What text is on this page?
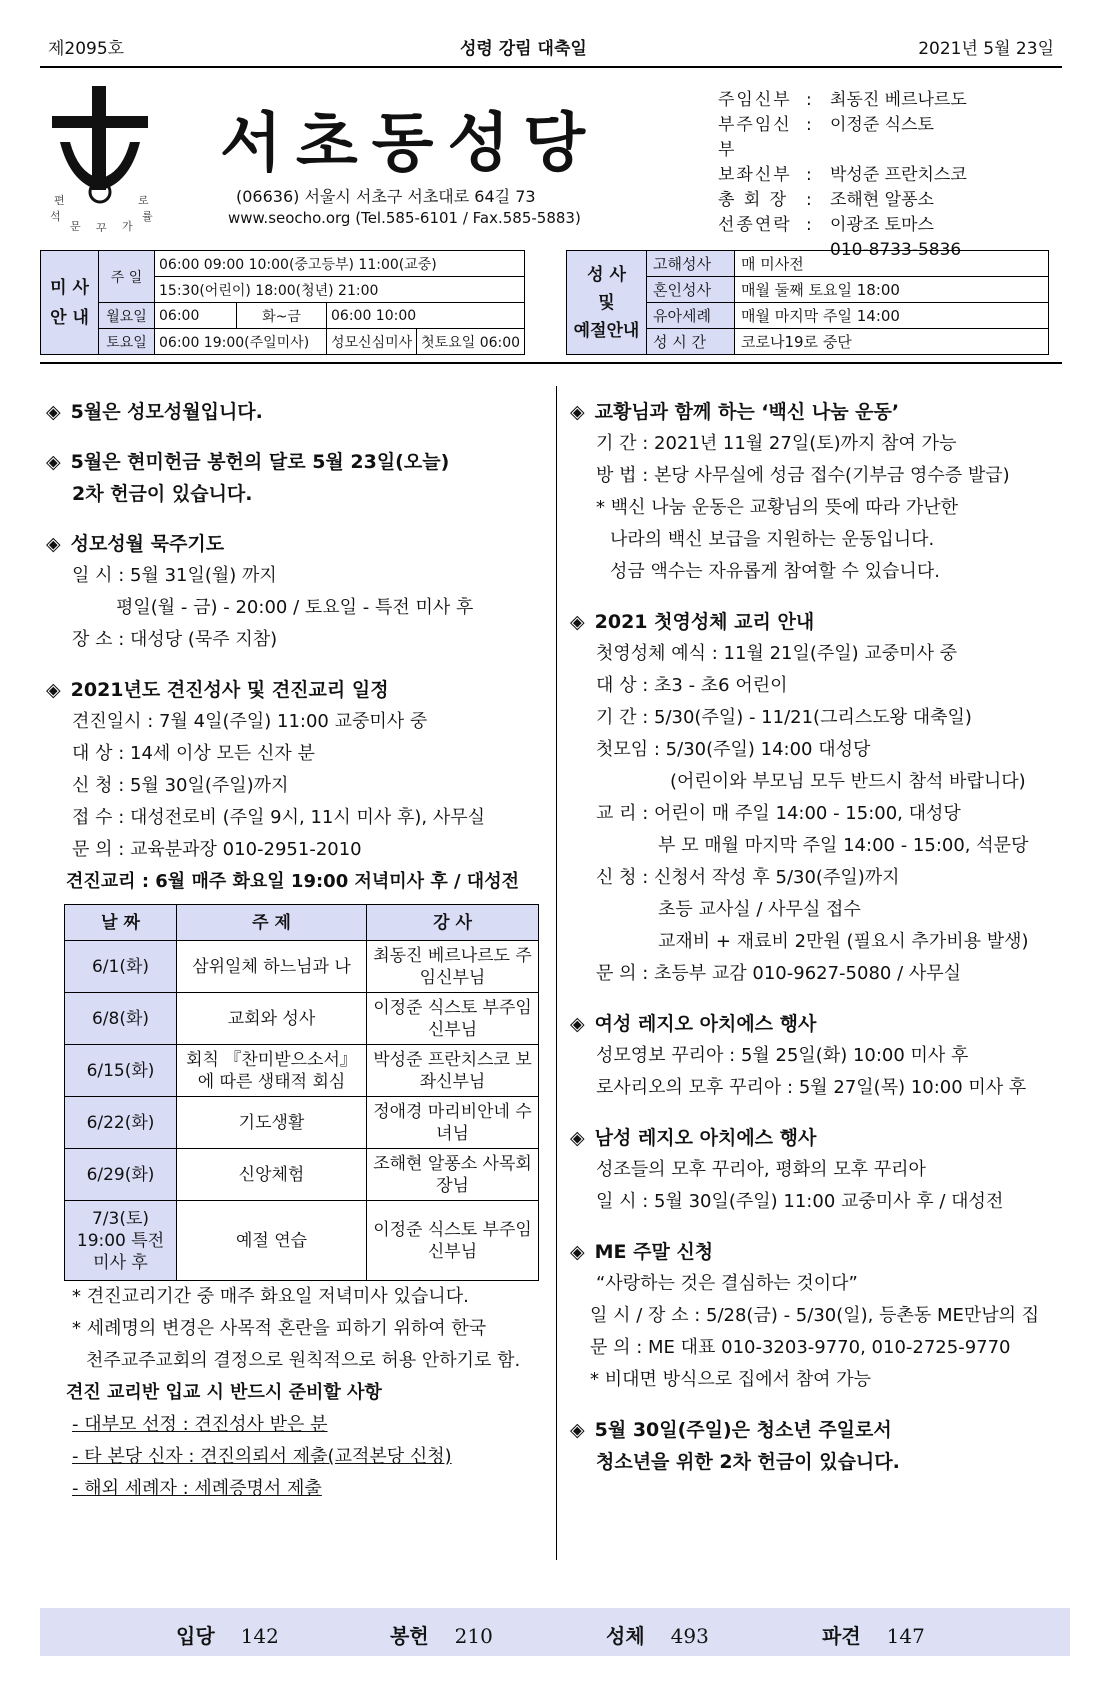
제2095호	성령 강림 대축일	2021년 5월 23일
편	로
석	률
문	가
꾸
서초동성당
(06636) 서울시 서초구 서초대로 64길 73
www.seocho.org (Tel.585-6101 / Fax.585-5883)
주임신부 :	최동진 베르나르도
부주임신부
:	이정준 식스토
보좌신부 :	박성준 프란치스코
총 회 장	:	조해현 알퐁소
선종연락 :	이광조 토마스
010-8733-5836
미 사
안 내	주 일	06:00 09:00 10:00(중고등부) 11:00(교중)			
		15:30(어린이) 18:00(청년) 21:00			
	월요일	06:00	화~금	06:00 10:00	
	토요일	06:00 19:00(주일미사)		성모신심미사	첫토요일 06:00
성 사
및
예절안내	고해성사	매 미사전
	혼인성사	매월 둘째 토요일 18:00
	유아세례	매월 마지막 주일 14:00
	성 시 간	코로나19로 중단
◈ 5월은 성모성월입니다.
◈ 5월은 현미헌금 봉헌의 달로 5월 23일(오늘)
2차 헌금이 있습니다.
◈ 성모성월 묵주기도
일 시 : 5월 31일(월) 까지
평일(월 - 금) - 20:00 / 토요일 - 특전 미사 후
장 소 : 대성당 (묵주 지참)
◈ 2021년도 견진성사 및 견진교리 일정
견진일시 : 7월 4일(주일) 11:00 교중미사 중
대 상 : 14세 이상 모든 신자 분
신 청 : 5월 30일(주일)까지
접 수 : 대성전로비 (주일 9시, 11시 미사 후), 사무실
문 의 : 교육분과장 010-2951-2010
견진교리 : 6월 매주 화요일 19:00 저녁미사 후 / 대성전
날 짜	주 제	강 사
6/1(화)	삼위일체 하느님과 나	최동진 베르나르도 주임신부님
6/8(화)	교회와 성사	이정준 식스토 부주임신부님
6/15(화)	회칙 『찬미받으소서』에 따른 생태적 회심	박성준 프란치스코 보좌신부님
6/22(화)	기도생활	정애경 마리비안네 수녀님
6/29(화)	신앙체험	조해현 알퐁소 사목회장님
7/3(토) 19:00 특전미사 후	예절 연습	이정준 식스토 부주임신부님
* 견진교리기간 중 매주 화요일 저녁미사 있습니다.
* 세례명의 변경은 사목적 혼란을 피하기 위하여 한국
천주교주교회의 결정으로 원칙적으로 허용 안하기로 함.
견진 교리반 입교 시 반드시 준비할 사항
- 대부모 선정 : 견진성사 받은 분
- 타 본당 신자 : 견진의뢰서 제출(교적본당 신청)
- 해외 세례자 : 세례증명서 제출
◈ 교황님과 함께 하는 ‘백신 나눔 운동’
기 간 : 2021년 11월 27일(토)까지 참여 가능
방 법 : 본당 사무실에 성금 접수(기부금 영수증 발급)
* 백신 나눔 운동은 교황님의 뜻에 따라 가난한
나라의 백신 보급을 지원하는 운동입니다.
성금 액수는 자유롭게 참여할 수 있습니다.
◈ 2021 첫영성체 교리 안내
첫영성체 예식 : 11월 21일(주일) 교중미사 중
대 상 : 초3 - 초6 어린이
기 간 : 5/30(주일) - 11/21(그리스도왕 대축일)
첫모임 : 5/30(주일) 14:00 대성당
(어린이와 부모님 모두 반드시 참석 바랍니다)
교 리 : 어린이 매 주일 14:00 - 15:00, 대성당
부 모 매월 마지막 주일 14:00 - 15:00, 석문당
신 청 : 신청서 작성 후 5/30(주일)까지
초등 교사실 / 사무실 접수
교재비 + 재료비 2만원 (필요시 추가비용 발생)
문 의 : 초등부 교감 010-9627-5080 / 사무실
◈ 여성 레지오 아치에스 행사
성모영보 꾸리아 : 5월 25일(화) 10:00 미사 후
로사리오의 모후 꾸리아 : 5월 27일(목) 10:00 미사 후
◈ 남성 레지오 아치에스 행사
성조들의 모후 꾸리아, 평화의 모후 꾸리아
일 시 : 5월 30일(주일) 11:00 교중미사 후 / 대성전
◈ ME 주말 신청
“사랑하는 것은 결심하는 것이다”
일 시 / 장 소 : 5/28(금) - 5/30(일), 등촌동 ME만남의 집
문 의 : ME 대표 010-3203-9770, 010-2725-9770
* 비대면 방식으로 집에서 참여 가능
◈ 5월 30일(주일)은 청소년 주일로서
청소년을 위한 2차 헌금이 있습니다.
입당 142	봉헌 210	성체 493	파견 147
